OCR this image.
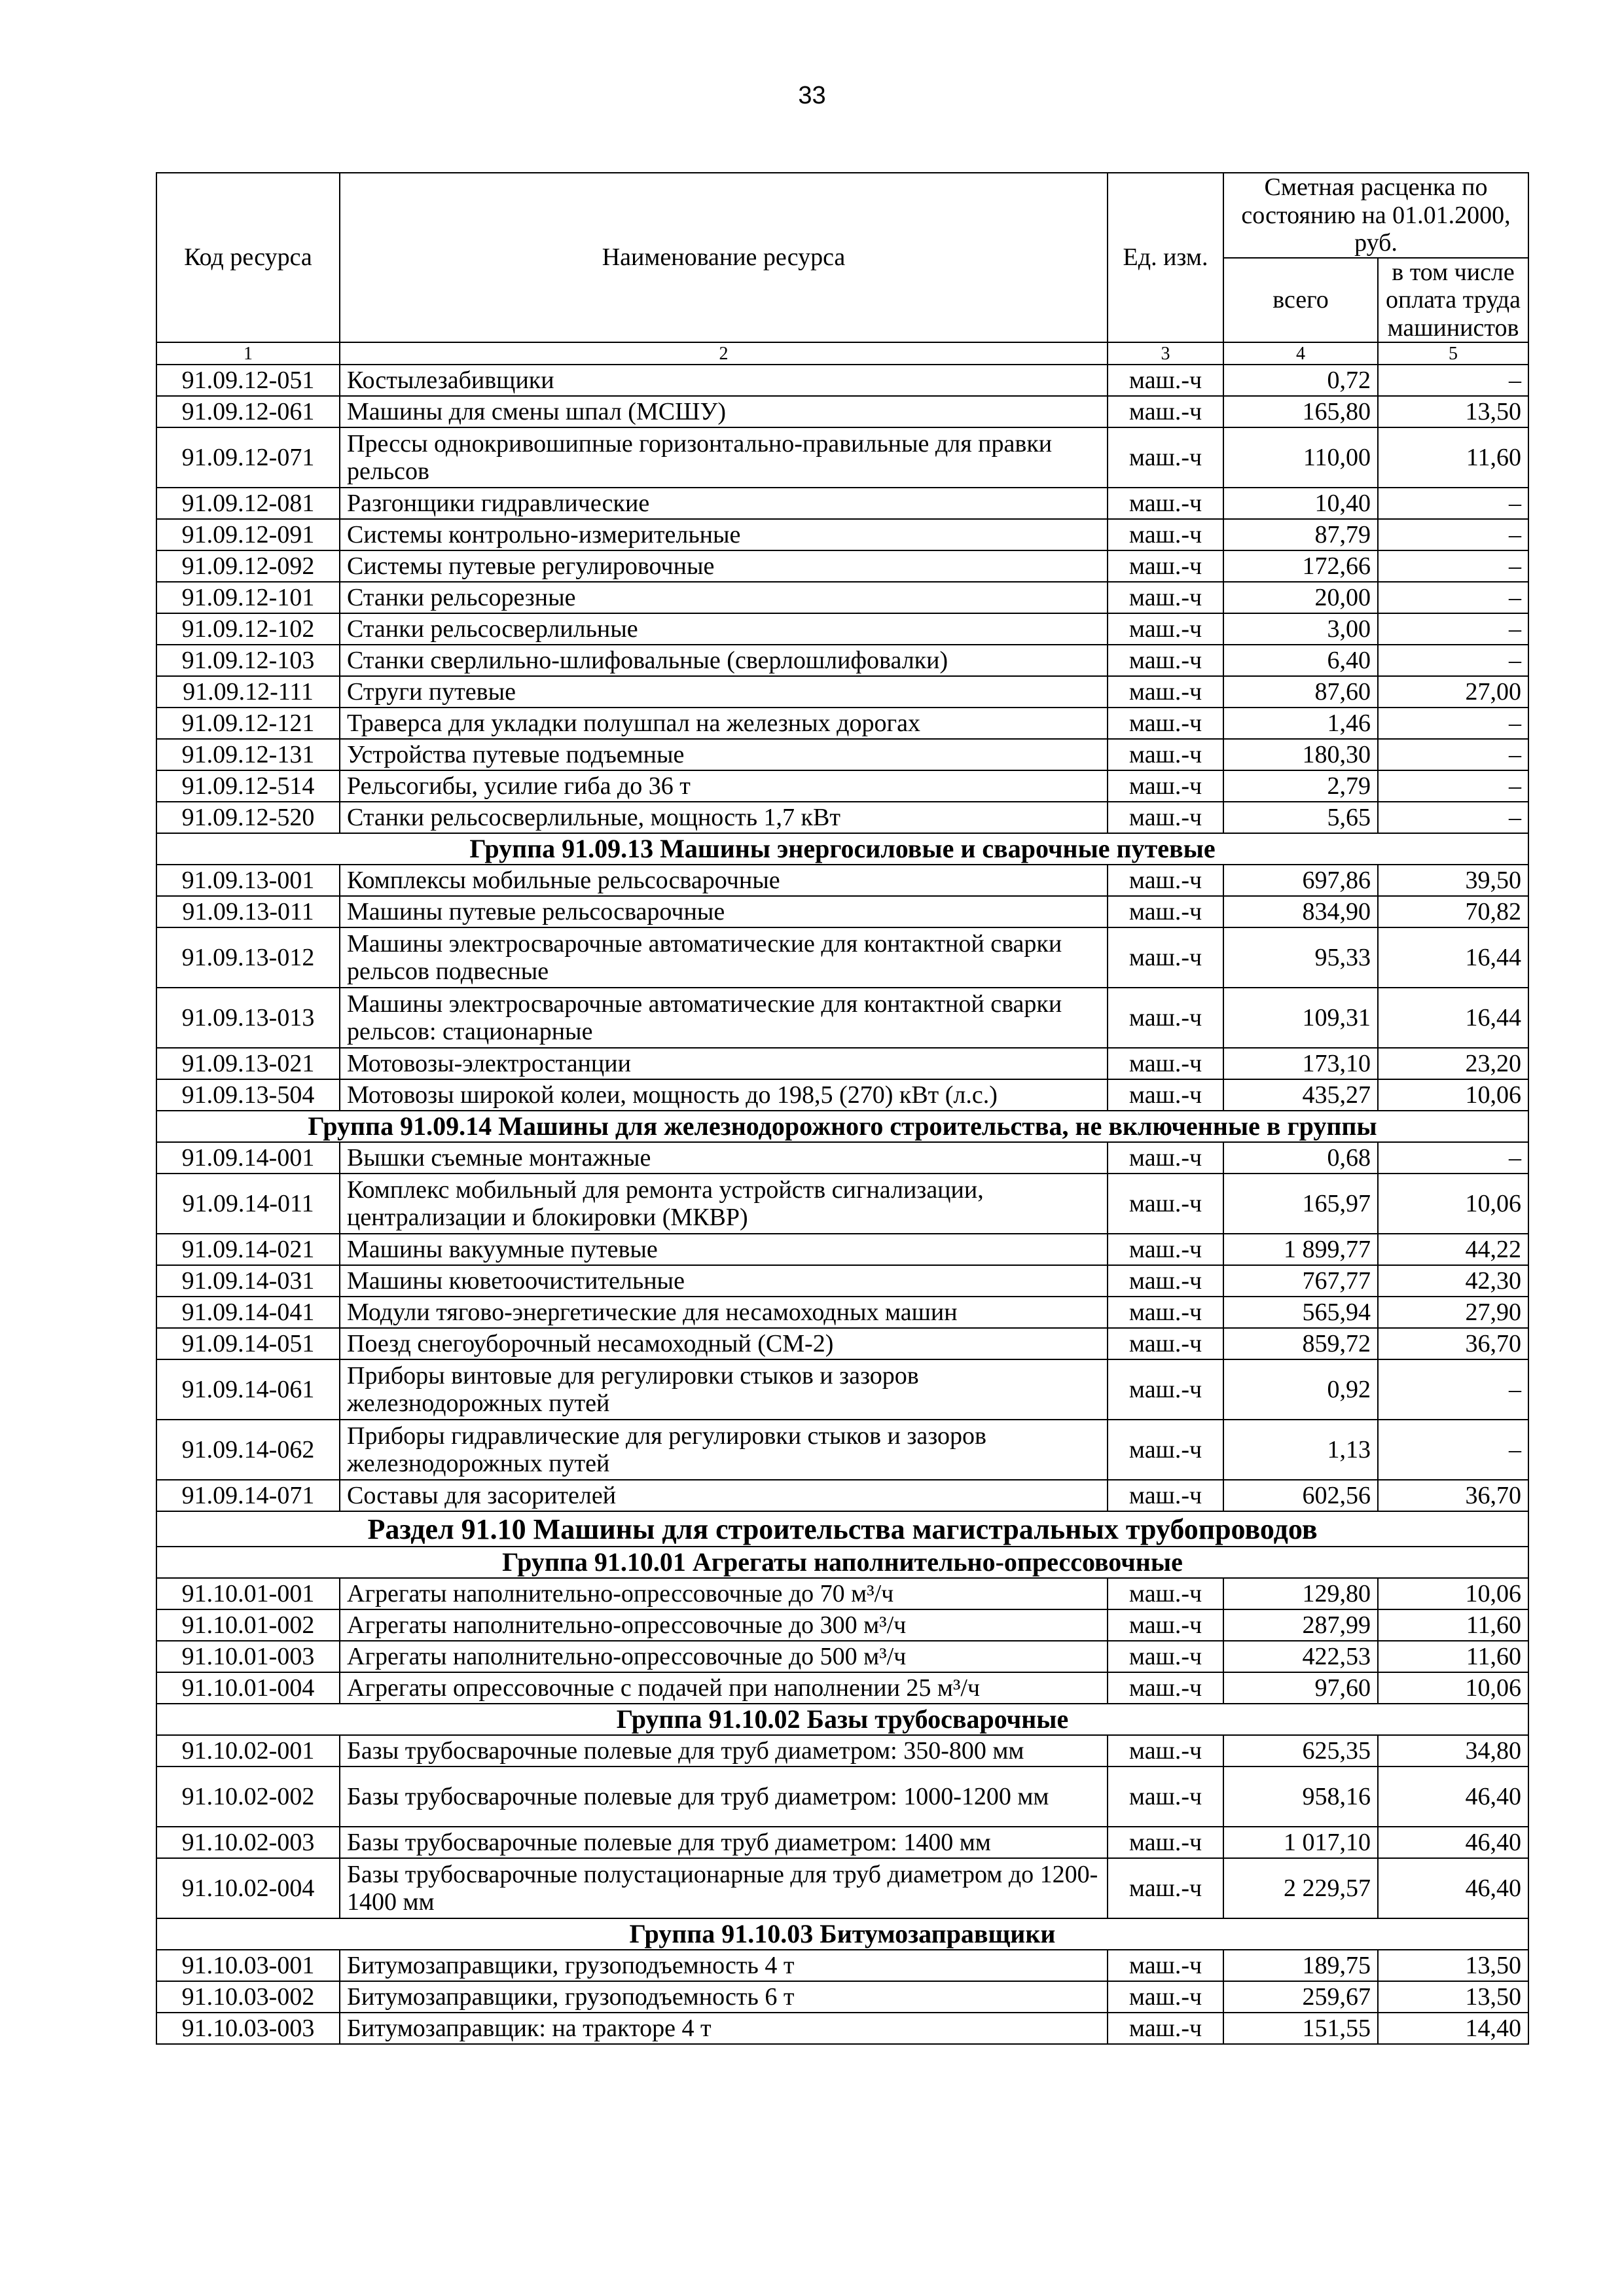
33
Код ресурса	Наименование ресурса	Ед. изм.	Сметная расценка по состоянию на 01.01.2000, руб.	
			всего	в том числе оплата труда машинистов
1	2	3	4	5
91.09.12-051	Костылезабивщики	маш.-ч	0,72	–
91.09.12-061	Машины для смены шпал (МСШУ)	маш.-ч	165,80	13,50
91.09.12-071	Прессы однокривошипные горизонтально-правильные для правки рельсов	маш.-ч	110,00	11,60
91.09.12-081	Разгонщики гидравлические	маш.-ч	10,40	–
91.09.12-091	Системы контрольно-измерительные	маш.-ч	87,79	–
91.09.12-092	Системы путевые регулировочные	маш.-ч	172,66	–
91.09.12-101	Станки рельсорезные	маш.-ч	20,00	–
91.09.12-102	Станки рельсосверлильные	маш.-ч	3,00	–
91.09.12-103	Станки сверлильно-шлифовальные (сверлошлифовалки)	маш.-ч	6,40	–
91.09.12-111	Струги путевые	маш.-ч	87,60	27,00
91.09.12-121	Траверса для укладки полушпал на железных дорогах	маш.-ч	1,46	–
91.09.12-131	Устройства путевые подъемные	маш.-ч	180,30	–
91.09.12-514	Рельсогибы, усилие гиба до 36 т	маш.-ч	2,79	–
91.09.12-520	Станки рельсосверлильные, мощность 1,7 кВт	маш.-ч	5,65	–
Группа 91.09.13 Машины энергосиловые и сварочные путевые				
91.09.13-001	Комплексы мобильные рельсосварочные	маш.-ч	697,86	39,50
91.09.13-011	Машины путевые рельсосварочные	маш.-ч	834,90	70,82
91.09.13-012	Машины электросварочные автоматические для контактной сварки рельсов подвесные	маш.-ч	95,33	16,44
91.09.13-013	Машины электросварочные автоматические для контактной сварки рельсов: стационарные	маш.-ч	109,31	16,44
91.09.13-021	Мотовозы-электростанции	маш.-ч	173,10	23,20
91.09.13-504	Мотовозы широкой колеи, мощность до 198,5 (270) кВт (л.с.)	маш.-ч	435,27	10,06
Группа 91.09.14 Машины для железнодорожного строительства, не включенные в группы				
91.09.14-001	Вышки съемные монтажные	маш.-ч	0,68	–
91.09.14-011	Комплекс мобильный для ремонта устройств сигнализации, централизации и блокировки (МКВР)	маш.-ч	165,97	10,06
91.09.14-021	Машины вакуумные путевые	маш.-ч	1 899,77	44,22
91.09.14-031	Машины кюветоочистительные	маш.-ч	767,77	42,30
91.09.14-041	Модули тягово-энергетические для несамоходных машин	маш.-ч	565,94	27,90
91.09.14-051	Поезд снегоуборочный несамоходный (СМ-2)	маш.-ч	859,72	36,70
91.09.14-061	Приборы винтовые для регулировки стыков и зазоров железнодорожных путей	маш.-ч	0,92	–
91.09.14-062	Приборы гидравлические для регулировки стыков и зазоров железнодорожных путей	маш.-ч	1,13	–
91.09.14-071	Составы для засорителей	маш.-ч	602,56	36,70
Раздел 91.10 Машины для строительства магистральных трубопроводов				
Группа 91.10.01 Агрегаты наполнительно-опрессовочные				
91.10.01-001	Агрегаты наполнительно-опрессовочные до 70 м³/ч	маш.-ч	129,80	10,06
91.10.01-002	Агрегаты наполнительно-опрессовочные до 300 м³/ч	маш.-ч	287,99	11,60
91.10.01-003	Агрегаты наполнительно-опрессовочные до 500 м³/ч	маш.-ч	422,53	11,60
91.10.01-004	Агрегаты опрессовочные с подачей при наполнении 25 м³/ч	маш.-ч	97,60	10,06
Группа 91.10.02 Базы трубосварочные				
91.10.02-001	Базы трубосварочные полевые для труб диаметром: 350-800 мм	маш.-ч	625,35	34,80
91.10.02-002	Базы трубосварочные полевые для труб диаметром: 1000-1200 мм	маш.-ч	958,16	46,40
91.10.02-003	Базы трубосварочные полевые для труб диаметром: 1400 мм	маш.-ч	1 017,10	46,40
91.10.02-004	Базы трубосварочные полустационарные для труб диаметром до 1200-1400 мм	маш.-ч	2 229,57	46,40
Группа 91.10.03 Битумозаправщики				
91.10.03-001	Битумозаправщики, грузоподъемность 4 т	маш.-ч	189,75	13,50
91.10.03-002	Битумозаправщики, грузоподъемность 6 т	маш.-ч	259,67	13,50
91.10.03-003	Битумозаправщик: на тракторе 4 т	маш.-ч	151,55	14,40
